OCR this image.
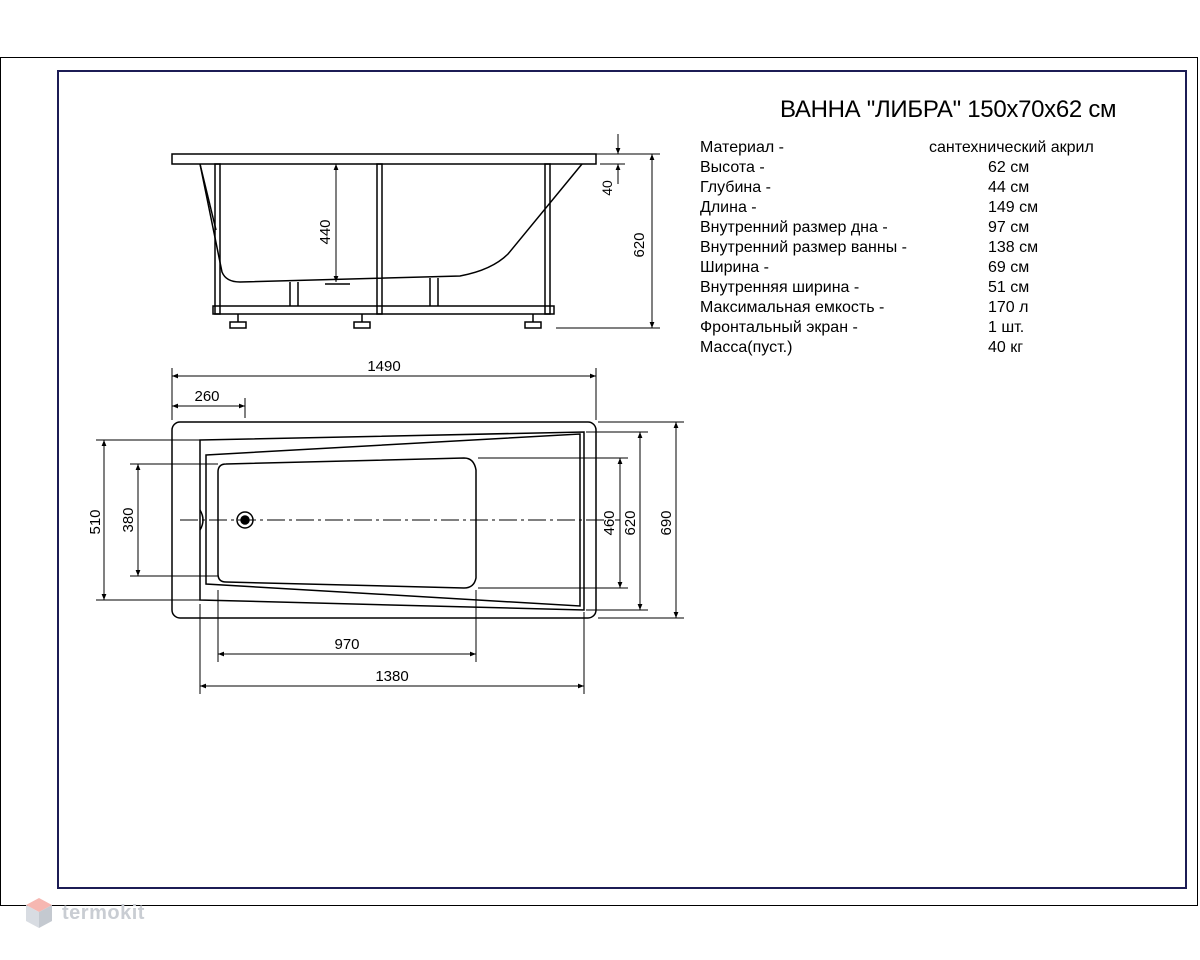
ВАННА "ЛИБРА" 150х70х62 см
Материал -	сантехнический акрил
Высота -	62 см
Глубина -	44 см
Длина -	149 см
Внутренний размер дна -	97 см
Внутренний размер ванны -	138 см
Ширина -	69 см
Внутренняя ширина -	51 см
Максимальная емкость -	170 л
Фронтальный экран -	1 шт.
Масса(пуст.)	40 кг
440
40
620
1490
260
510 380	460 620 690
970
1380
termokit
